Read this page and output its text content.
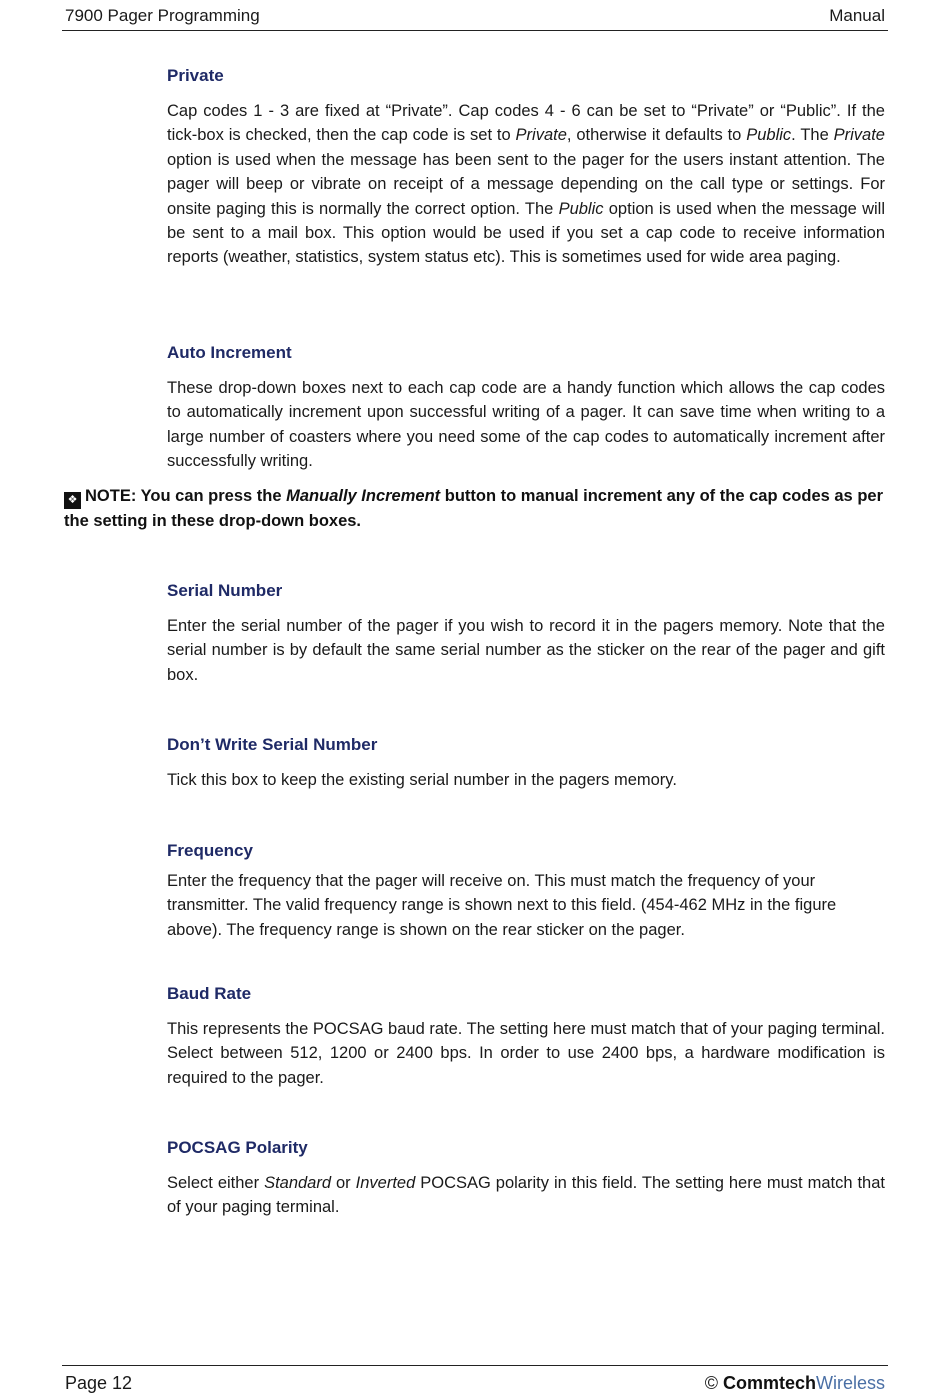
7900 Pager Programming	Manual
Private

Cap codes 1 - 3 are fixed at “Private”. Cap codes 4 - 6 can be set to “Private” or “Public”. If the tick-box is checked, then the cap code is set to Private, otherwise it defaults to Public. The Private option is used when the message has been sent to the pager for the users instant attention. The pager will beep or vibrate on receipt of a message depending on the call type or settings. For onsite paging this is normally the correct option. The Public option is used when the message will be sent to a mail box. This option would be used if you set a cap code to receive information reports (weather, statistics, system status etc). This is sometimes used for wide area paging.

Auto Increment

These drop-down boxes next to each cap code are a handy function which allows the cap codes to automatically increment upon successful writing of a pager. It can save time when writing to a large number of coasters where you need some of the cap codes to automatically increment after successfully writing.

❖ NOTE: You can press the Manually Increment button to manual increment any of the cap codes as per the setting in these drop-down boxes.
Serial Number

Enter the serial number of the pager if you wish to record it in the pagers memory. Note that the serial number is by default the same serial number as the sticker on the rear of the pager and gift box.

Don’t Write Serial Number

Tick this box to keep the existing serial number in the pagers memory.

Frequency

Enter the frequency that the pager will receive on. This must match the frequency of your transmitter. The valid frequency range is shown next to this field. (454-462 MHz in the figure above). The frequency range is shown on the rear sticker on the pager.

Baud Rate

This represents the POCSAG baud rate. The setting here must match that of your paging terminal. Select between 512, 1200 or 2400 bps. In order to use 2400 bps, a hardware modification is required to the pager.

POCSAG Polarity

Select either Standard or Inverted POCSAG polarity in this field. The setting here must match that of your paging terminal.

Page 12	© CommtechWireless
